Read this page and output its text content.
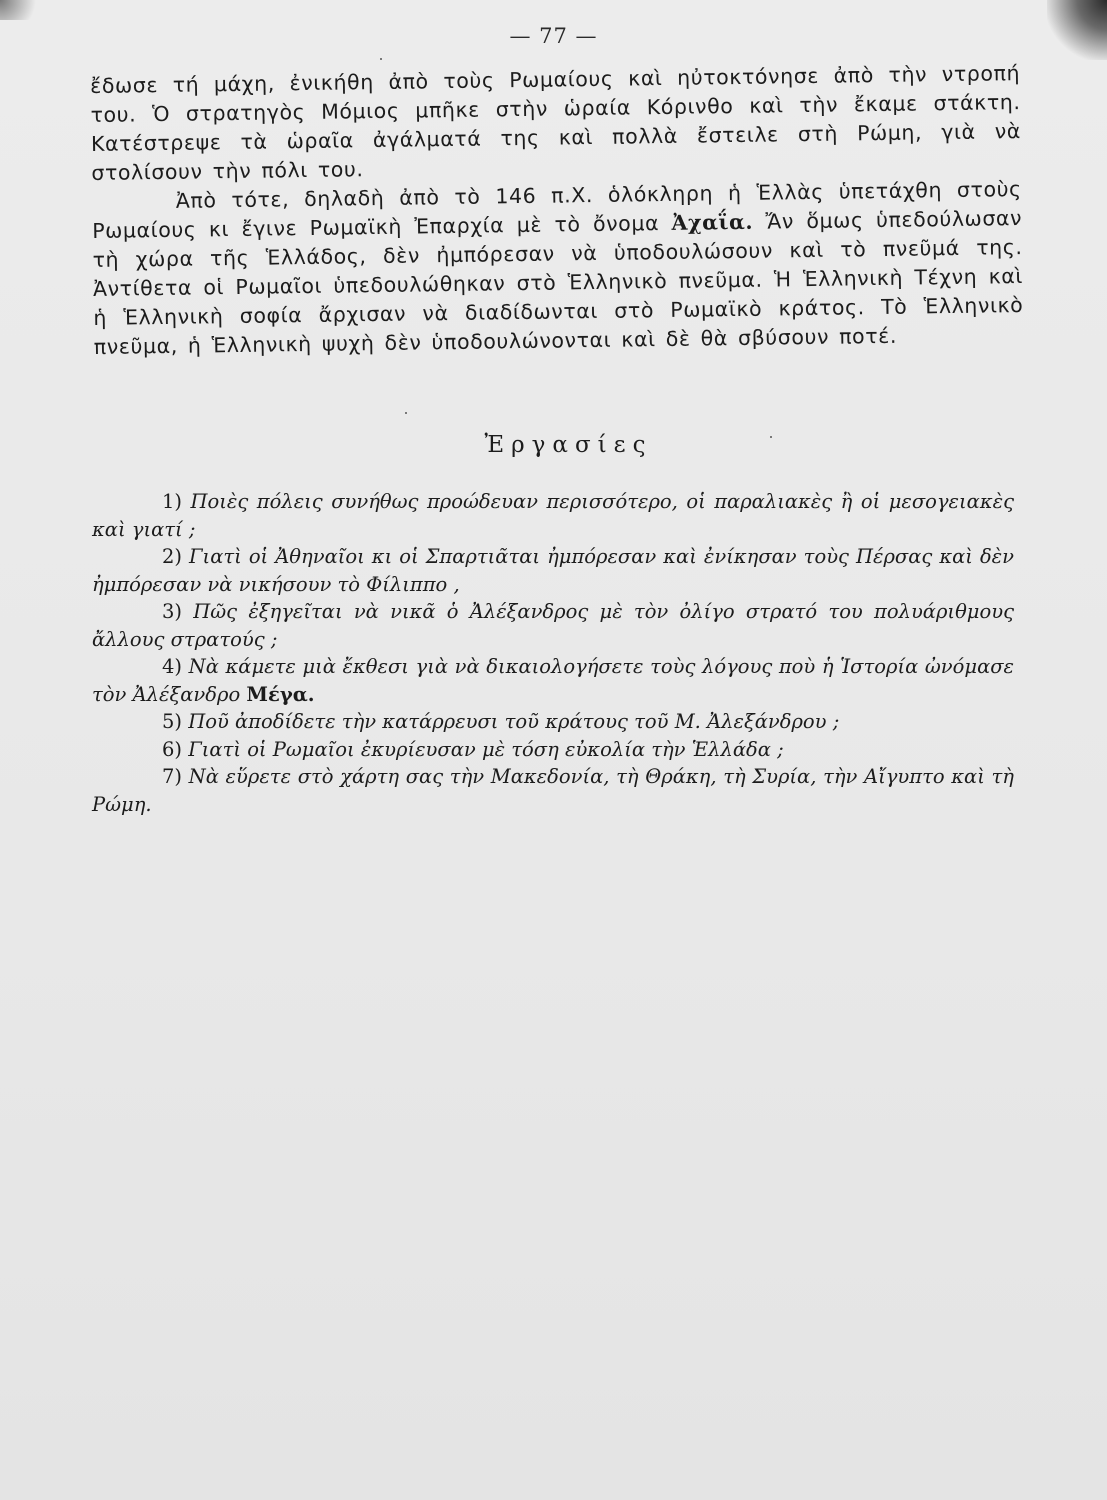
— 77 —

ἔδωσε τή μάχη, ἐνικήθη ἀπὸ τοὺς Ρωμαίους καὶ ηὐτοκτόνησε ἀπὸ τὴν ντροπή του. Ὁ στρατηγὸς Μόμιος μπῆκε στὴν ὡραία Κόρινθο καὶ τὴν ἔκαμε στάκτη. Κατέστρεψε τὰ ὡραῖα ἀγάλματά της καὶ πολλὰ ἔστειλε στὴ Ρώμη, γιὰ νὰ στολίσουν τὴν πόλι του.

Ἀπὸ τότε, δηλαδὴ ἀπὸ τὸ 146 π.Χ. ὁλόκληρη ἡ Ἑλλὰς ὑπετάχθη στοὺς Ρωμαίους κι ἔγινε Ρωμαϊκὴ Ἐπαρχία μὲ τὸ ὄνομα Ἀχαΐα. Ἄν ὅμως ὑπεδούλωσαν τὴ χώρα τῆς Ἑλλάδος, δὲν ἠμπόρεσαν νὰ ὑποδουλώσουν καὶ τὸ πνεῦμά της. Ἀντίθετα οἱ Ρωμαῖοι ὑπεδουλώθηκαν στὸ Ἑλληνικὸ πνεῦμα. Ἡ Ἑλληνικὴ Τέχνη καὶ ἡ Ἑλληνικὴ σοφία ἄρχισαν νὰ διαδίδωνται στὸ Ρωμαϊκὸ κράτος. Τὸ Ἑλληνικὸ πνεῦμα, ἡ Ἑλληνικὴ ψυχὴ δὲν ὑποδουλώνονται καὶ δὲ θὰ σβύσουν ποτέ.

Ἐργασίες

1) Ποιὲς πόλεις συνήθως προώδευαν περισσότερο, οἱ παραλιακὲς ἢ οἱ μεσογειακὲς καὶ γιατί ;

2) Γιατὶ οἱ Ἀθηναῖοι κι οἱ Σπαρτιᾶται ἠμπόρεσαν καὶ ἐνίκησαν τοὺς Πέρσας καὶ δὲν ἠμπόρεσαν νὰ νικήσουν τὸ Φίλιππο ,

3) Πῶς ἐξηγεῖται νὰ νικᾶ ὁ Ἀλέξανδρος μὲ τὸν ὀλίγο στρατό του πολυάριθμους ἄλλους στρατούς ;

4) Νὰ κάμετε μιὰ ἔκθεσι γιὰ νὰ δικαιολογήσετε τοὺς λόγους ποὺ ἡ Ἱστορία ὠνόμασε τὸν Ἀλέξανδρο Μέγα.

5) Ποῦ ἀποδίδετε τὴν κατάρρευσι τοῦ κράτους τοῦ Μ. Ἀλεξάνδρου ;

6) Γιατὶ οἱ Ρωμαῖοι ἐκυρίευσαν μὲ τόση εὐκολία τὴν Ἑλλάδα ;

7) Νὰ εὕρετε στὸ χάρτη σας τὴν Μακεδονία, τὴ Θράκη, τὴ Συρία, τὴν Αἴγυπτο καὶ τὴ Ρώμη.
